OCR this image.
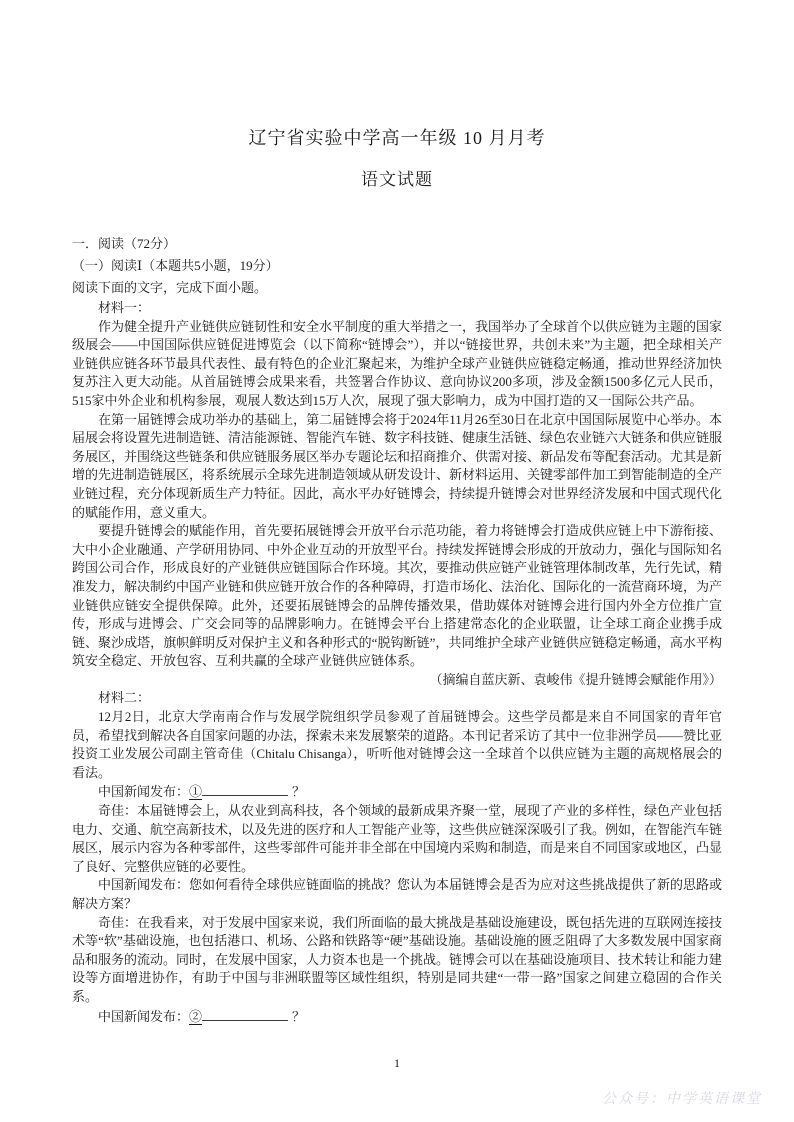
辽宁省实验中学高一年级 10 月月考
语文试题

一．阅读（72分）

（一）阅读Ⅰ（本题共5小题，19分）

阅读下面的文字，完成下面小题。

材料一：

作为健全提升产业链供应链韧性和安全水平制度的重大举措之一，我国举办了全球首个以供应链为主题的国家级展会——中国国际供应链促进博览会（以下简称“链博会”），并以“链接世界，共创未来”为主题，把全球相关产业链供应链各环节最具代表性、最有特色的企业汇聚起来，为维护全球产业链供应链稳定畅通，推动世界经济加快复苏注入更大动能。从首届链博会成果来看，共签署合作协议、意向协议200多项，涉及金额1500多亿元人民币，515家中外企业和机构参展，观展人数达到15万人次，展现了强大影响力，成为中国打造的又一国际公共产品。

在第一届链博会成功举办的基础上，第二届链博会将于2024年11月26至30日在北京中国国际展览中心举办。本届展会将设置先进制造链、清洁能源链、智能汽车链、数字科技链、健康生活链、绿色农业链六大链条和供应链服务展区，并围绕这些链条和供应链服务展区举办专题论坛和招商推介、供需对接、新品发布等配套活动。尤其是新增的先进制造链展区，将系统展示全球先进制造领域从研发设计、新材料运用、关键零部件加工到智能制造的全产业链过程，充分体现新质生产力特征。因此，高水平办好链博会，持续提升链博会对世界经济发展和中国式现代化的赋能作用，意义重大。

要提升链博会的赋能作用，首先要拓展链博会开放平台示范功能，着力将链博会打造成供应链上中下游衔接、大中小企业融通、产学研用协同、中外企业互动的开放型平台。持续发挥链博会形成的开放动力，强化与国际知名跨国公司合作，形成良好的产业链供应链国际合作环境。其次，要推动供应链产业链管理体制改革，先行先试，精准发力，解决制约中国产业链和供应链开放合作的各种障碍，打造市场化、法治化、国际化的一流营商环境，为产业链供应链安全提供保障。此外，还要拓展链博会的品牌传播效果，借助媒体对链博会进行国内外全方位推广宣传，形成与进博会、广交会同等的品牌影响力。在链博会平台上搭建常态化的企业联盟，让全球工商企业携手成链、聚沙成塔，旗帜鲜明反对保护主义和各种形式的“脱钩断链”，共同维护全球产业链供应链稳定畅通，高水平构筑安全稳定、开放包容、互利共赢的全球产业链供应链体系。

（摘编自蓝庆新、袁峻伟《提升链博会赋能作用》）

材料二：

12月2日，北京大学南南合作与发展学院组织学员参观了首届链博会。这些学员都是来自不同国家的青年官员，希望找到解决各自国家问题的办法，探索未来发展繁荣的道路。本刊记者采访了其中一位非洲学员——赞比亚投资工业发展公司副主管奇佳（Chitalu Chisanga），听听他对链博会这一全球首个以供应链为主题的高规格展会的看法。

中国新闻发布：①	？

奇佳：本届链博会上，从农业到高科技，各个领域的最新成果齐聚一堂，展现了产业的多样性，绿色产业包括电力、交通、航空高新技术，以及先进的医疗和人工智能产业等，这些供应链深深吸引了我。例如，在智能汽车链展区，展示内容为各种零部件，这些零部件可能并非全部在中国境内采购和制造，而是来自不同国家或地区，凸显了良好、完整供应链的必要性。

中国新闻发布：您如何看待全球供应链面临的挑战？您认为本届链博会是否为应对这些挑战提供了新的思路或解决方案？

奇佳：在我看来，对于发展中国家来说，我们所面临的最大挑战是基础设施建设，既包括先进的互联网连接技术等“软”基础设施，也包括港口、机场、公路和铁路等“硬”基础设施。基础设施的匮乏阻碍了大多数发展中国家商品和服务的流动。同时，在发展中国家，人力资本也是一个挑战。链博会可以在基础设施项目、技术转让和能力建设等方面增进协作，有助于中国与非洲联盟等区域性组织，特别是同共建“一带一路”国家之间建立稳固的合作关系。

中国新闻发布：②	？

1
公众号：中学英语课堂
